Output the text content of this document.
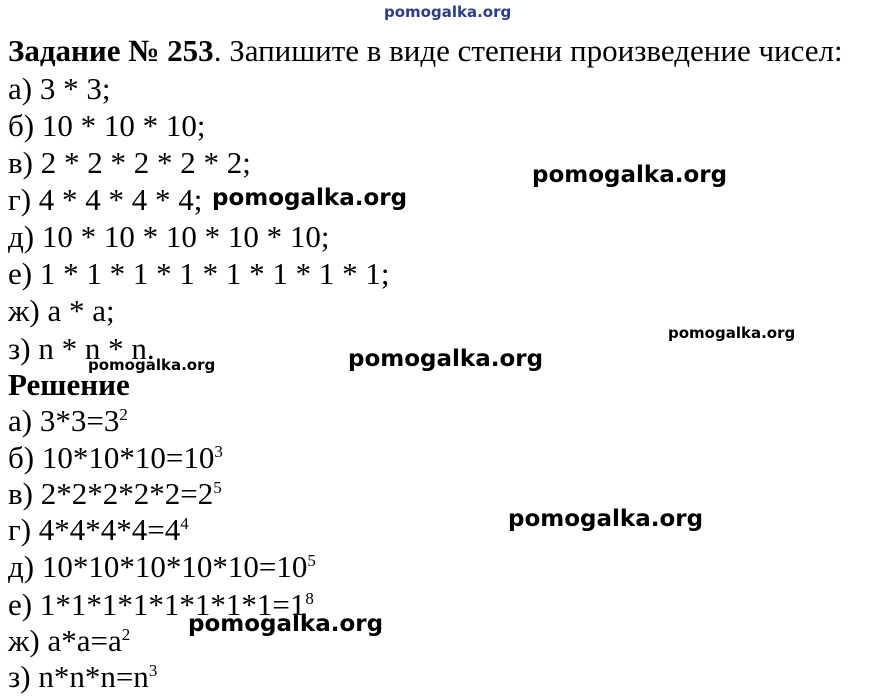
pomogalka.org
Задание № 253. Запишите в виде степени произведение чисел:
а) 3 * 3;
б) 10 * 10 * 10;
в) 2 * 2 * 2 * 2 * 2;
г) 4 * 4 * 4 * 4;
д) 10 * 10 * 10 * 10 * 10;
е) 1 * 1 * 1 * 1 * 1 * 1 * 1 * 1;
ж) a * a;
з) n * n * n.
Решение
а) $3*3=3^2$
б) $10*10*10=10^3$
в) $2*2*2*2*2=2^5$
г) $4*4*4*4=4^4$
д) $10*10*10*10*10=10^5$
е) $1*1*1*1*1*1*1*1=1^8$
ж) $a*a=a^2$
з) $n*n*n=n^3$
pomogalka.org
pomogalka.org
pomogalka.org
pomogalka.org
pomogalka.org
pomogalka.org
pomogalka.org
